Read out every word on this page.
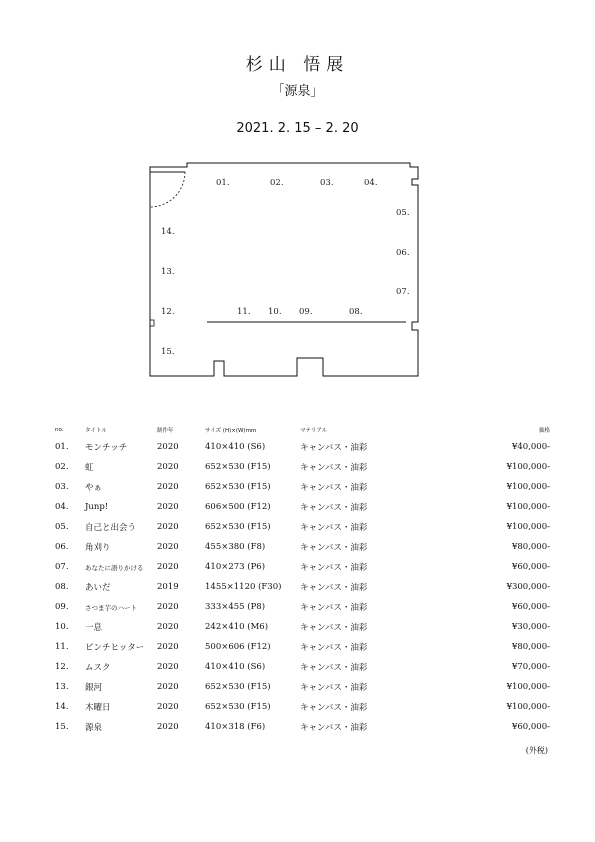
杉山 悟展
「源泉」
2021. 2. 15 – 2. 20
01.	02.	03.	04.
05.
06.
07.
08.
09.
10.
11.
12.
13.
14.
15.
no.	タイトル	制作年	サイズ (H)×(W)mm	マテリアル	価格
01.	モンチッチ	2020	410×410 (S6)	キャンバス・油彩	¥40,000-
02.	虹	2020	652×530 (F15)	キャンバス・油彩	¥100,000-
03.	やぁ	2020	652×530 (F15)	キャンバス・油彩	¥100,000-
04.	Junp!	2020	606×500 (F12)	キャンバス・油彩	¥100,000-
05.	自己と出会う	2020	652×530 (F15)	キャンバス・油彩	¥100,000-
06.	角刈り	2020	455×380 (F8)	キャンバス・油彩	¥80,000-
07.	あなたに語りかける	2020	410×273 (P6)	キャンバス・油彩	¥60,000-
08.	あいだ	2019	1455×1120 (F30)	キャンバス・油彩	¥300,000-
09.	さつま芋のハート	2020	333×455 (P8)	キャンバス・油彩	¥60,000-
10.	一息	2020	242×410 (M6)	キャンバス・油彩	¥30,000-
11.	ピンチヒッター	2020	500×606 (F12)	キャンバス・油彩	¥80,000-
12.	ムスク	2020	410×410 (S6)	キャンバス・油彩	¥70,000-
13.	銀河	2020	652×530 (F15)	キャンバス・油彩	¥100,000-
14.	木曜日	2020	652×530 (F15)	キャンバス・油彩	¥100,000-
15.	源泉	2020	410×318 (F6)	キャンバス・油彩	¥60,000-
(外税)
